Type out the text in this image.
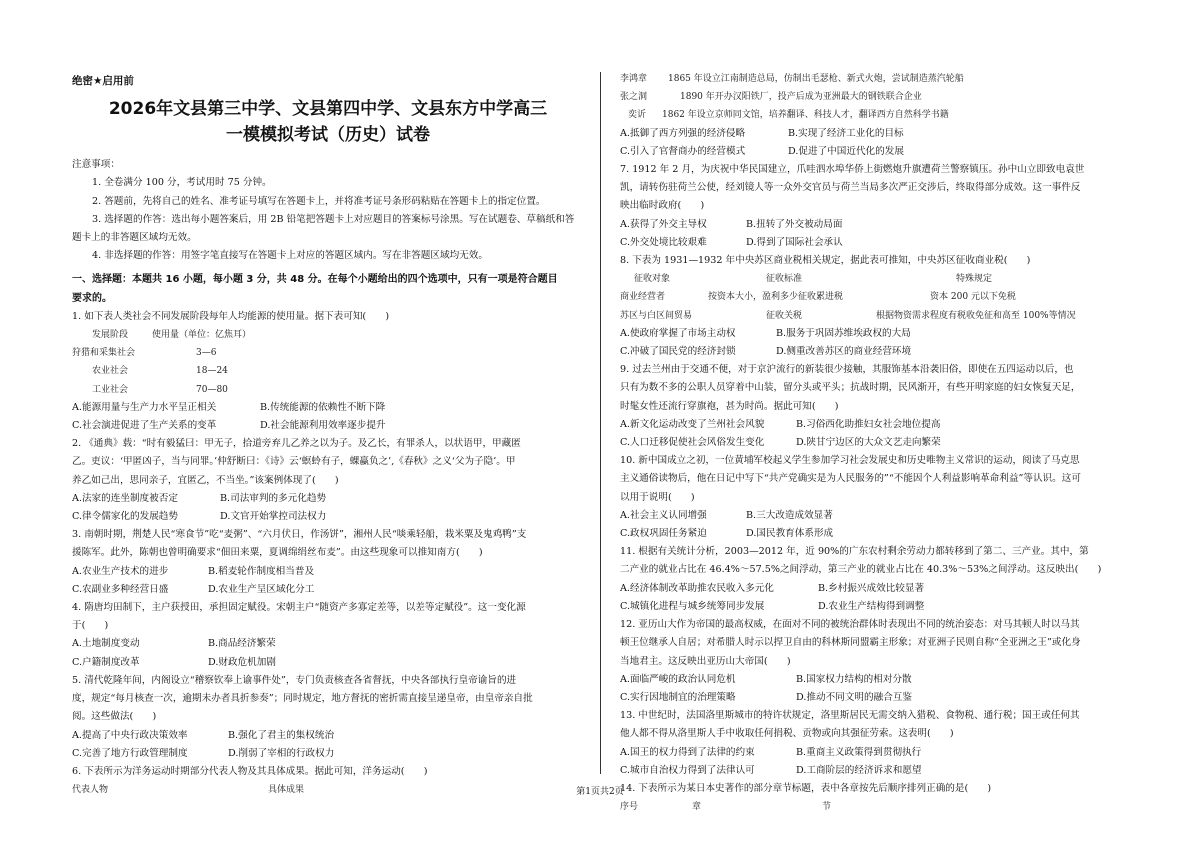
绝密★启用前
2026年文县第三中学、文县第四中学、文县东方中学高三
一模模拟考试（历史）试卷
注意事项：
1. 全卷满分 100 分，考试用时 75 分钟。
2. 答题前，先将自己的姓名、准考证号填写在答题卡上，并将准考证号条形码粘贴在答题卡上的指定位置。
3. 选择题的作答：选出每小题答案后，用 2B 铅笔把答题卡上对应题目的答案标号涂黑。写在试题卷、草稿纸和答
题卡上的非答题区域均无效。
4. 非选择题的作答：用签字笔直接写在答题卡上对应的答题区域内。写在非答题区域均无效。
一、选择题：本题共 16 小题，每小题 3 分，共 48 分。在每个小题给出的四个选项中，只有一项是符合题目
要求的。
1. 如下表人类社会不同发展阶段每年人均能源的使用量。据下表可知(　　)
发展阶段	使用量（单位：亿焦耳）
狩猎和采集社会	3—6
农业社会	18—24
工业社会	70—80
A.能源用量与生产力水平呈正相关	B.传统能源的依赖性不断下降
C.社会演进促进了生产关系的变革	D.社会能源利用效率逐步提升
2. 《通典》载：“时有毅猛曰：甲无子，拾道旁弃儿乙养之以为子。及乙长，有罪杀人，以状语甲，甲藏匿
乙。吏议：‘甲匿凶子，当与同罪。’仲舒断曰：《诗》云‘螟蛉有子，蜾蠃负之’,《春秋》之义‘父为子隐’。甲
养乙如己出，思同亲子，宜匿乙，不当坐。”该案例体现了(　　)
A.法家的连坐制度被否定	B.司法审判的多元化趋势
C.律令儒家化的发展趋势	D.文官开始掌控司法权力
3. 南朝时期，荆楚人民“寒食节”吃“麦粥”、“六月伏日，作汤饼”，湘州人民“啖乘轻船，栽米粟及鬼鸡鸭”支
援陈军。此外，陈朝也曾明确要求“佃田来粟，夏调绵绢丝布麦”。由这些现象可以推知南方(　　)
A.农业生产技术的进步	B.稻麦轮作制度相当普及
C.农副业多种经营日盛	D.农业生产呈区域化分工
4. 隋唐均田制下，主户获授田，承担固定赋役。宋朝主户“随资产多寡定差等，以差等定赋役”。这一变化源
于(　　)
A.土地制度变动	B.商品经济繁荣
C.户籍制度改革	D.财政危机加剧
5. 清代乾隆年间，内阁设立“稽察钦奉上谕事件处”，专门负责核查各省督抚，中央各部执行皇帝谕旨的进
度，规定“每月核查一次，逾期未办者具折参奏”；同时规定，地方督抚的密折需直接呈递皇帝，由皇帝亲自批
阅。这些做法(　　)
A.提高了中央行政决策效率	B.强化了君主的集权统治
C.完善了地方行政管理制度	D.削弱了宰相的行政权力
6. 下表所示为洋务运动时期部分代表人物及其具体成果。据此可知，洋务运动(　　)
代表人物	具体成果
李鸿章	1865 年设立江南制造总局，仿制出毛瑟枪、新式火炮，尝试制造蒸汽轮船
张之洞	1890 年开办汉阳铁厂，投产后成为亚洲最大的钢铁联合企业
奕䜣	1862 年设立京师同文馆，培养翻译、科技人才，翻译西方自然科学书籍
A.抵御了西方列强的经济侵略	B.实现了经济工业化的目标
C.引入了官督商办的经营模式	D.促进了中国近代化的发展
7. 1912 年 2 月，为庆祝中华民国建立，爪哇泗水埠华侨上街燃炮升旗遭荷兰警察镇压。孙中山立即致电袁世
凯，请转伤驻荷兰公使，经刘镜人等一众外交官员与荷兰当局多次严正交涉后，终取得部分成效。这一事件反
映出临时政府(　　)
A.获得了外交主导权	B.扭转了外交被动局面
C.外交处境比较艰难	D.得到了国际社会承认
8. 下表为 1931—1932 年中央苏区商业税相关规定，据此表可推知，中央苏区征收商业税(　　)
征收对象	征收标准	特殊规定
商业经营者	按资本大小，盈利多少征收累进税	资本 200 元以下免税
苏区与白区间贸易	征收关税	根据物资需求程度有税收免征和高至 100%等情况
A.使政府掌握了市场主动权	B.服务于巩固苏维埃政权的大局
C.冲破了国民党的经济封锁	D.侧重改善苏区的商业经营环境
9. 过去兰州由于交通不便，对于京沪流行的新装很少接触，其服饰基本沿袭旧俗，即使在五四运动以后，也
只有为数不多的公职人员穿着中山装，留分头或平头；抗战时期，民风渐开，有些开明家庭的妇女恢复天足，
时髦女性还流行穿旗袍，甚为时尚。据此可知(　　)
A.新文化运动改变了兰州社会风貌	B.习俗西化助推妇女社会地位提高
C.人口迁移促使社会风俗发生变化	D.陕甘宁边区的大众文艺走向繁荣
10. 新中国成立之初，一位黄埔军校起义学生参加学习社会发展史和历史唯物主义常识的运动，阅读了马克思
主义通俗读物后，他在日记中写下“共产党确实是为人民服务的”“不能因个人利益影响革命利益”等认识。这可
以用于说明(　　)
A.社会主义认同增强	B.三大改造成效显著
C.政权巩固任务紧迫	D.国民教育体系形成
11. 根据有关统计分析，2003—2012 年，近 90%的广东农村剩余劳动力都转移到了第二、三产业。其中，第
二产业的就业占比在 46.4%～57.5%之间浮动，第三产业的就业占比在 40.3%～53%之间浮动。这反映出(　　)
A.经济体制改革助推农民收入多元化	B.乡村振兴成效比较显著
C.城镇化进程与城乡统筹同步发展	D.农业生产结构得到调整
12. 亚历山大作为帝国的最高权威，在面对不同的被统治群体时表现出不同的统治姿态：对马其顿人时以马其
顿王位继承人自居；对希腊人时示以捍卫自由的科林斯同盟霸主形象；对亚洲子民则自称“全亚洲之王”或化身
当地君主。这反映出亚历山大帝国(　　)
A.面临严峻的政治认同危机	B.国家权力结构的相对分散
C.实行因地制宜的治理策略	D.推动不同文明的融合互鉴
13. 中世纪时，法国洛里斯城市的特许状规定，洛里斯居民无需交纳入猎税、食物税、通行税；国王或任何其
他人都不得从洛里斯人手中收取任何捐税、贡物或向其强征劳索。这表明(　　)
A.国王的权力得到了法律的约束	B.重商主义政策得到贯彻执行
C.城市自治权力得到了法律认可	D.工商阶层的经济诉求和愿望
14. 下表所示为某日本史著作的部分章节标题，表中各章按先后顺序排列正确的是(　　)
序号	章	节
第1页共2页
